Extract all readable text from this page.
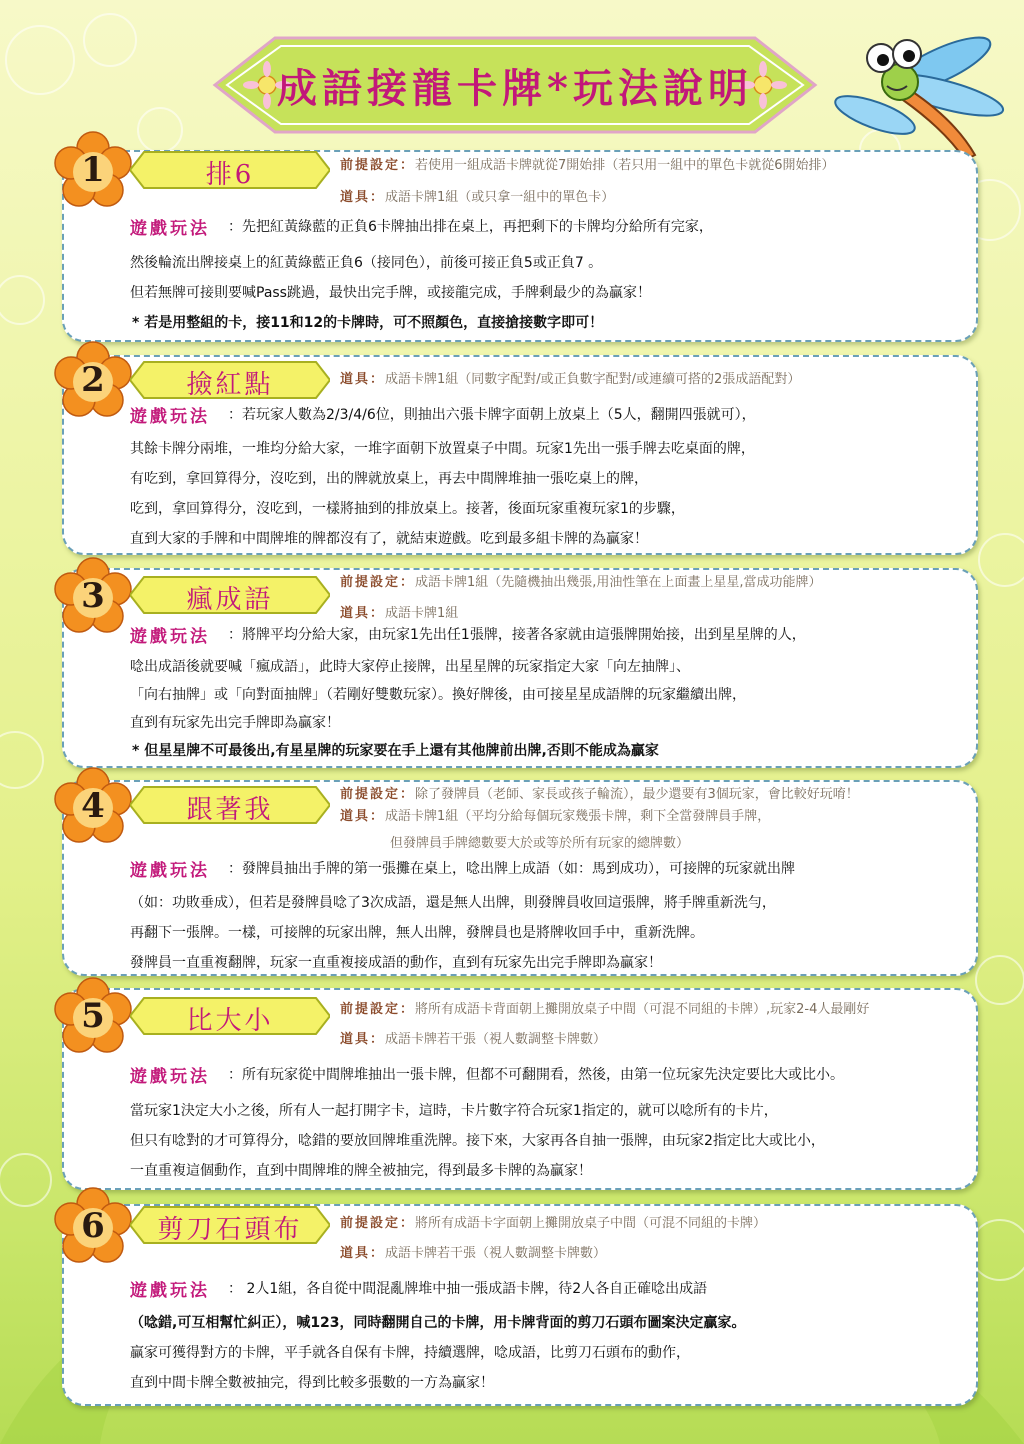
成語接龍卡牌*玩法說明
1
2
3
4
5
6
排6
撿紅點
瘋成語
跟著我
比大小
剪刀石頭布
前提設定：若使用一組成語卡牌就從7開始排（若只用一組中的單色卡就從6開始排）
道具：成語卡牌1組（或只拿一組中的單色卡）
遊戲玩法 ：先把紅黃綠藍的正負6卡牌抽出排在桌上，再把剩下的卡牌均分給所有完家，
然後輪流出牌接桌上的紅黃綠藍正負6（接同色），前後可接正負5或正負7 。
但若無牌可接則要喊Pass跳過，最快出完手牌，或接龍完成，手牌剩最少的為贏家！
* 若是用整組的卡，接11和12的卡牌時，可不照顏色，直接搶接數字即可！
道具：成語卡牌1組（同數字配對/或正負數字配對/或連續可搭的2張成語配對）
遊戲玩法 ：若玩家人數為2/3/4/6位，則抽出六張卡牌字面朝上放桌上（5人，翻開四張就可），
其餘卡牌分兩堆，一堆均分給大家，一堆字面朝下放置桌子中間。玩家1先出一張手牌去吃桌面的牌，
有吃到，拿回算得分，沒吃到，出的牌就放桌上，再去中間牌堆抽一張吃桌上的牌，
吃到，拿回算得分，沒吃到，一樣將抽到的排放桌上。接著，後面玩家重複玩家1的步驟，
直到大家的手牌和中間牌堆的牌都沒有了，就結束遊戲。吃到最多組卡牌的為贏家！
前提設定：成語卡牌1組（先隨機抽出幾張,用油性筆在上面畫上星星,當成功能牌）
道具：成語卡牌1組
遊戲玩法 ：將牌平均分給大家，由玩家1先出任1張牌，接著各家就由這張牌開始接，出到星星牌的人，
唸出成語後就要喊「瘋成語」，此時大家停止接牌，出星星牌的玩家指定大家「向左抽牌」、
「向右抽牌」或「向對面抽牌」（若剛好雙數玩家）。換好牌後，由可接星星成語牌的玩家繼續出牌，
直到有玩家先出完手牌即為贏家！
* 但星星牌不可最後出,有星星牌的玩家要在手上還有其他牌前出牌,否則不能成為贏家
前提設定：除了發牌員（老師、家長或孩子輪流），最少還要有3個玩家，會比較好玩唷！
道具：成語卡牌1組（平均分給每個玩家幾張卡牌，剩下全當發牌員手牌，
但發牌員手牌總數要大於或等於所有玩家的總牌數）
遊戲玩法 ：發牌員抽出手牌的第一張攤在桌上，唸出牌上成語（如：馬到成功），可接牌的玩家就出牌
（如：功敗垂成），但若是發牌員唸了3次成語，還是無人出牌，則發牌員收回這張牌，將手牌重新洗勻，
再翻下一張牌。一樣，可接牌的玩家出牌，無人出牌，發牌員也是將牌收回手中，重新洗牌。
發牌員一直重複翻牌，玩家一直重複接成語的動作，直到有玩家先出完手牌即為贏家！
前提設定：將所有成語卡背面朝上攤開放桌子中間（可混不同組的卡牌）,玩家2-4人最剛好
道具：成語卡牌若干張（視人數調整卡牌數）
遊戲玩法 ：所有玩家從中間牌堆抽出一張卡牌，但都不可翻開看，然後，由第一位玩家先決定要比大或比小。
當玩家1決定大小之後，所有人一起打開字卡，這時，卡片數字符合玩家1指定的，就可以唸所有的卡片，
但只有唸對的才可算得分，唸錯的要放回牌堆重洗牌。接下來，大家再各自抽一張牌，由玩家2指定比大或比小，
一直重複這個動作，直到中間牌堆的牌全被抽完，得到最多卡牌的為贏家！
前提設定：將所有成語卡字面朝上攤開放桌子中間（可混不同組的卡牌）
道具：成語卡牌若干張（視人數調整卡牌數）
遊戲玩法 ： 2人1組，各自從中間混亂牌堆中抽一張成語卡牌，待2人各自正確唸出成語
（唸錯,可互相幫忙糾正），喊123，同時翻開自己的卡牌，用卡牌背面的剪刀石頭布圖案決定贏家。
贏家可獲得對方的卡牌，平手就各自保有卡牌，持續選牌，唸成語，比剪刀石頭布的動作，
直到中間卡牌全數被抽完，得到比較多張數的一方為贏家！
